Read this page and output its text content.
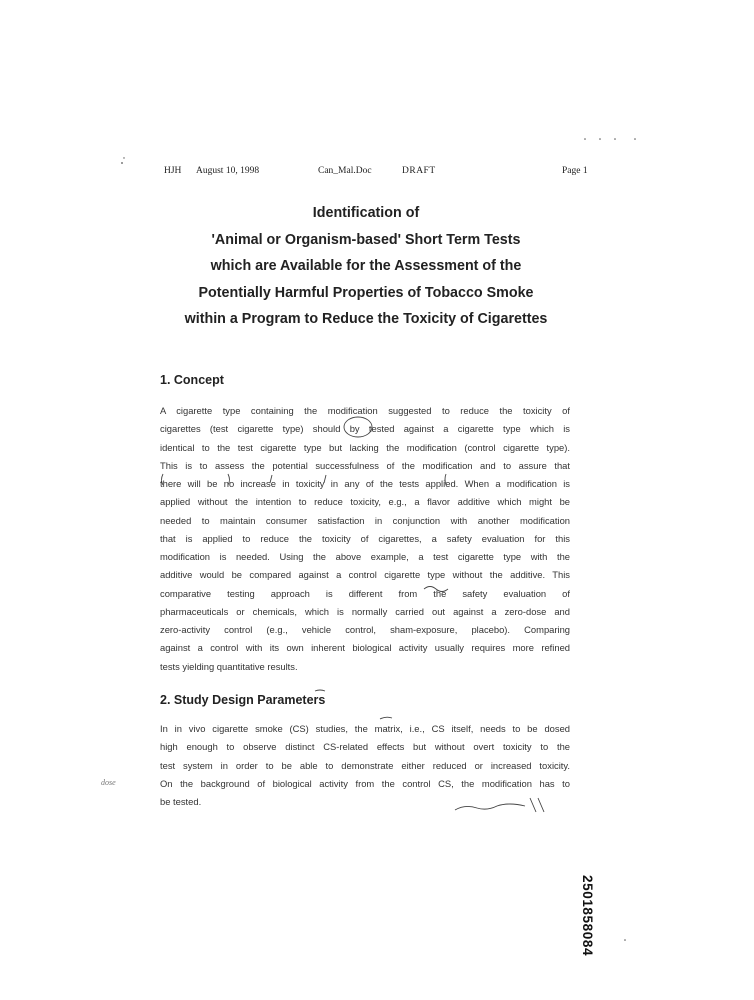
HJH August 10, 1998	Can_Mal.Doc	DRAFT	Page 1
Identification of
'Animal or Organism-based' Short Term Tests
which are Available for the Assessment of the
Potentially Harmful Properties of Tobacco Smoke
within a Program to Reduce the Toxicity of Cigarettes
1. Concept
A cigarette type containing the modification suggested to reduce the toxicity of
cigarettes (test cigarette type) should by tested against a cigarette type which is
identical to the test cigarette type but lacking the modification (control cigarette type).
This is to assess the potential successfulness of the modification and to assure that
there will be no increase in toxicity in any of the tests applied. When a modification is
applied without the intention to reduce toxicity, e.g., a flavor additive which might be
needed to maintain consumer satisfaction in conjunction with another modification
that is applied to reduce the toxicity of cigarettes, a safety evaluation for this
modification is needed. Using the above example, a test cigarette type with the
additive would be compared against a control cigarette type without the additive. This
comparative testing approach is different from the safety evaluation of
pharmaceuticals or chemicals, which is normally carried out against a zero-dose and
zero-activity control (e.g., vehicle control, sham-exposure, placebo). Comparing
against a control with its own inherent biological activity usually requires more refined
tests yielding quantitative results.
2. Study Design Parameters
In in vivo cigarette smoke (CS) studies, the matrix, i.e., CS itself, needs to be dosed
high enough to observe distinct CS-related effects but without overt toxicity to the
test system in order to be able to demonstrate either reduced or increased toxicity.
On the background of biological activity from the control CS, the modification has to
be tested.
dose
2501858084
